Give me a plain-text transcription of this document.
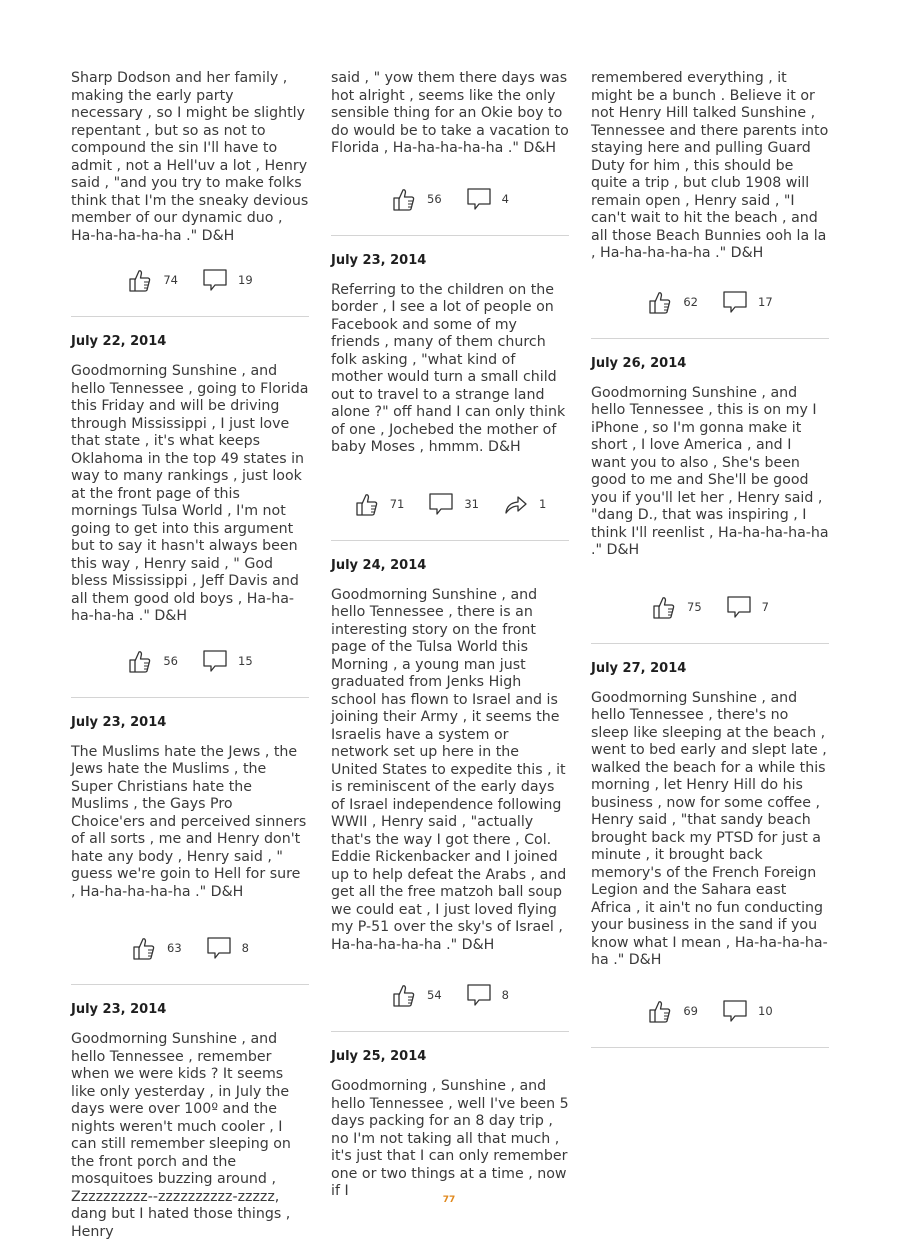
Sharp Dodson and her family , making the early party necessary , so I might be slightly repentant , but so as not to compound the sin I'll have to admit , not a Hell'uv a lot , Henry said , "and you try to make folks think that I'm the sneaky devious member of our dynamic duo , Ha-ha-ha-ha-ha ." D&H

74	19
July 22, 2014

Goodmorning Sunshine , and hello Tennessee , going to Florida this Friday and will be driving through Mississippi , I just love that state , it's what keeps Oklahoma in the top 49 states in way to many rankings , just look at the front page of this mornings Tulsa World , I'm not going to get into this argument but to say it hasn't always been this way , Henry said , " God bless Mississippi , Jeff Davis and all them good old boys , Ha-ha-ha-ha-ha ." D&H

56	15
July 23, 2014

The Muslims hate the Jews , the Jews hate the Muslims , the Super Christians hate the Muslims , the Gays Pro Choice'ers and perceived sinners of all sorts , me and Henry don't hate any body , Henry said , " guess we're goin to Hell for sure , Ha-ha-ha-ha-ha ." D&H

63	8
July 23, 2014

Goodmorning Sunshine , and hello Tennessee , remember when we were kids ? It seems like only yesterday , in July the days were over 100º and the nights weren't much cooler , I can still remember sleeping on the front porch and the mosquitoes buzzing around , Zzzzzzzzzz--zzzzzzzzzz-zzzzz, dang but I hated those things , Henry

said , " yow them there days was hot alright , seems like the only sensible thing for an Okie boy to do would be to take a vacation to Florida , Ha-ha-ha-ha-ha ." D&H

56	4
July 23, 2014

Referring to the children on the border , I see a lot of people on Facebook and some of my friends , many of them church folk asking , "what kind of mother would turn a small child out to travel to a strange land alone ?" off hand I can only think of one , Jochebed the mother of baby Moses , hmmm. D&H

71	31	1
July 24, 2014

Goodmorning Sunshine , and hello Tennessee , there is an interesting story on the front page of the Tulsa World this Morning , a young man just graduated from Jenks High school has flown to Israel and is joining their Army , it seems the Israelis have a system or network set up here in the United States to expedite this , it is reminiscent of the early days of Israel independence following WWII , Henry said , "actually that's the way I got there , Col. Eddie Rickenbacker and I joined up to help defeat the Arabs , and get all the free matzoh ball soup we could eat , I just loved flying my P-51 over the sky's of Israel , Ha-ha-ha-ha-ha ." D&H

54	8
July 25, 2014

Goodmorning , Sunshine , and hello Tennessee , well I've been 5 days packing for an 8 day trip , no I'm not taking all that much , it's just that I can only remember one or two things at a time , now if I

remembered everything , it might be a bunch . Believe it or not Henry Hill talked Sunshine , Tennessee and there parents into staying here and pulling Guard Duty for him , this should be quite a trip , but club 1908 will remain open , Henry said , "I can't wait to hit the beach , and all those Beach Bunnies ooh la la , Ha-ha-ha-ha-ha ." D&H

62	17
July 26, 2014

Goodmorning Sunshine , and hello Tennessee , this is on my I iPhone , so I'm gonna make it short , I love America , and I want you to also , She's been good to me and She'll be good you if you'll let her , Henry said , "dang D., that was inspiring , I think I'll reenlist , Ha-ha-ha-ha-ha ." D&H

75	7
July 27, 2014

Goodmorning Sunshine , and hello Tennessee , there's no sleep like sleeping at the beach , went to bed early and slept late , walked the beach for a while this morning , let Henry Hill do his business , now for some coffee , Henry said , "that sandy beach brought back my PTSD for just a minute , it brought back memory's of the French Foreign Legion and the Sahara east Africa , it ain't no fun conducting your business in the sand if you know what I mean , Ha-ha-ha-ha-ha ." D&H

69	10
77
